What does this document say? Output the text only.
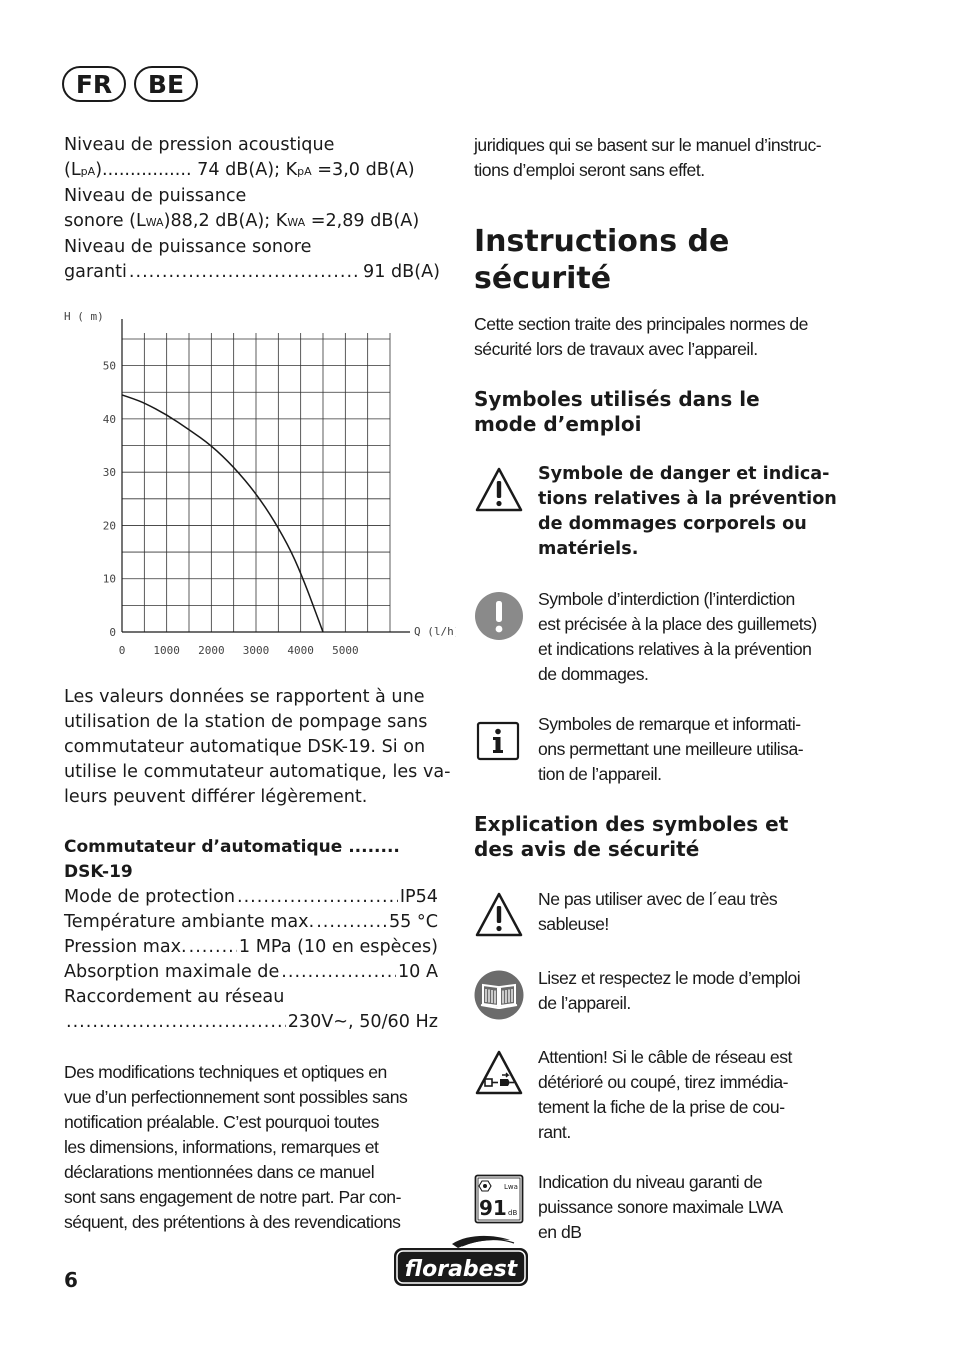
FR	BE
Niveau de pression acoustique
(LpA)................ 74 dB(A); KpA =3,0 dB(A)
Niveau de puissance
sonore (LWA)88,2 dB(A); KWA =2,89 dB(A)
Niveau de puissance sonore
garanti .....	91 dB(A)
0	1000 2000 3000 4000 5000
0
10
20
30
40
50
H ( m)
Q (l/h)
Les valeurs données se rapportent à une
utilisation de la station de pompage sans
commutateur automatique DSK-19. Si on
utilise le commutateur automatique, les va-
leurs peuvent différer légèrement.
Commutateur d’automatique ........
DSK-19
Mode de protection .....	IP54
Température ambiante max. .....	55 °C
Pression max. .....	1 MPa (10 en espèces)
Absorption maximale de .....	10 A
Raccordement au réseau
.....
230V~, 50/60 Hz
Des modifications techniques et optiques en
vue d’un perfectionnement sont possibles sans
notification préalable. C’est pourquoi toutes
les dimensions, informations, remarques et
déclarations mentionnées dans ce manuel
sont sans engagement de notre part. Par con-
séquent, des prétentions à des revendications
juridiques qui se basent sur le manuel d’instruc-
tions d’emploi seront sans effet.
Instructions de
sécurité
Cette section traite des principales normes de
sécurité lors de travaux avec l’appareil.
Symboles utilisés dans le
mode d’emploi
Symbole de danger et indica-
tions relatives à la prévention
de dommages corporels ou
matériels.
Symbole d’interdiction (l’interdiction
est précisée à la place des guillemets)
et indications relatives à la prévention
de dommages.
Symboles de remarque et informati-
ons permettant une meilleure utilisa-
tion de l’appareil.
Explication des symboles et
des avis de sécurité
Ne pas utiliser avec de l´eau très
sableuse!
Lisez et respectez le mode d’emploi
de l’appareil.
Attention! Si le câble de réseau est
détérioré ou coupé, tirez immédia-
tement la fiche de la prise de cou-
rant.
Lwa
91 dB
Indication du niveau garanti de
puissance sonore maximale LWA
en dB
6	florabest
